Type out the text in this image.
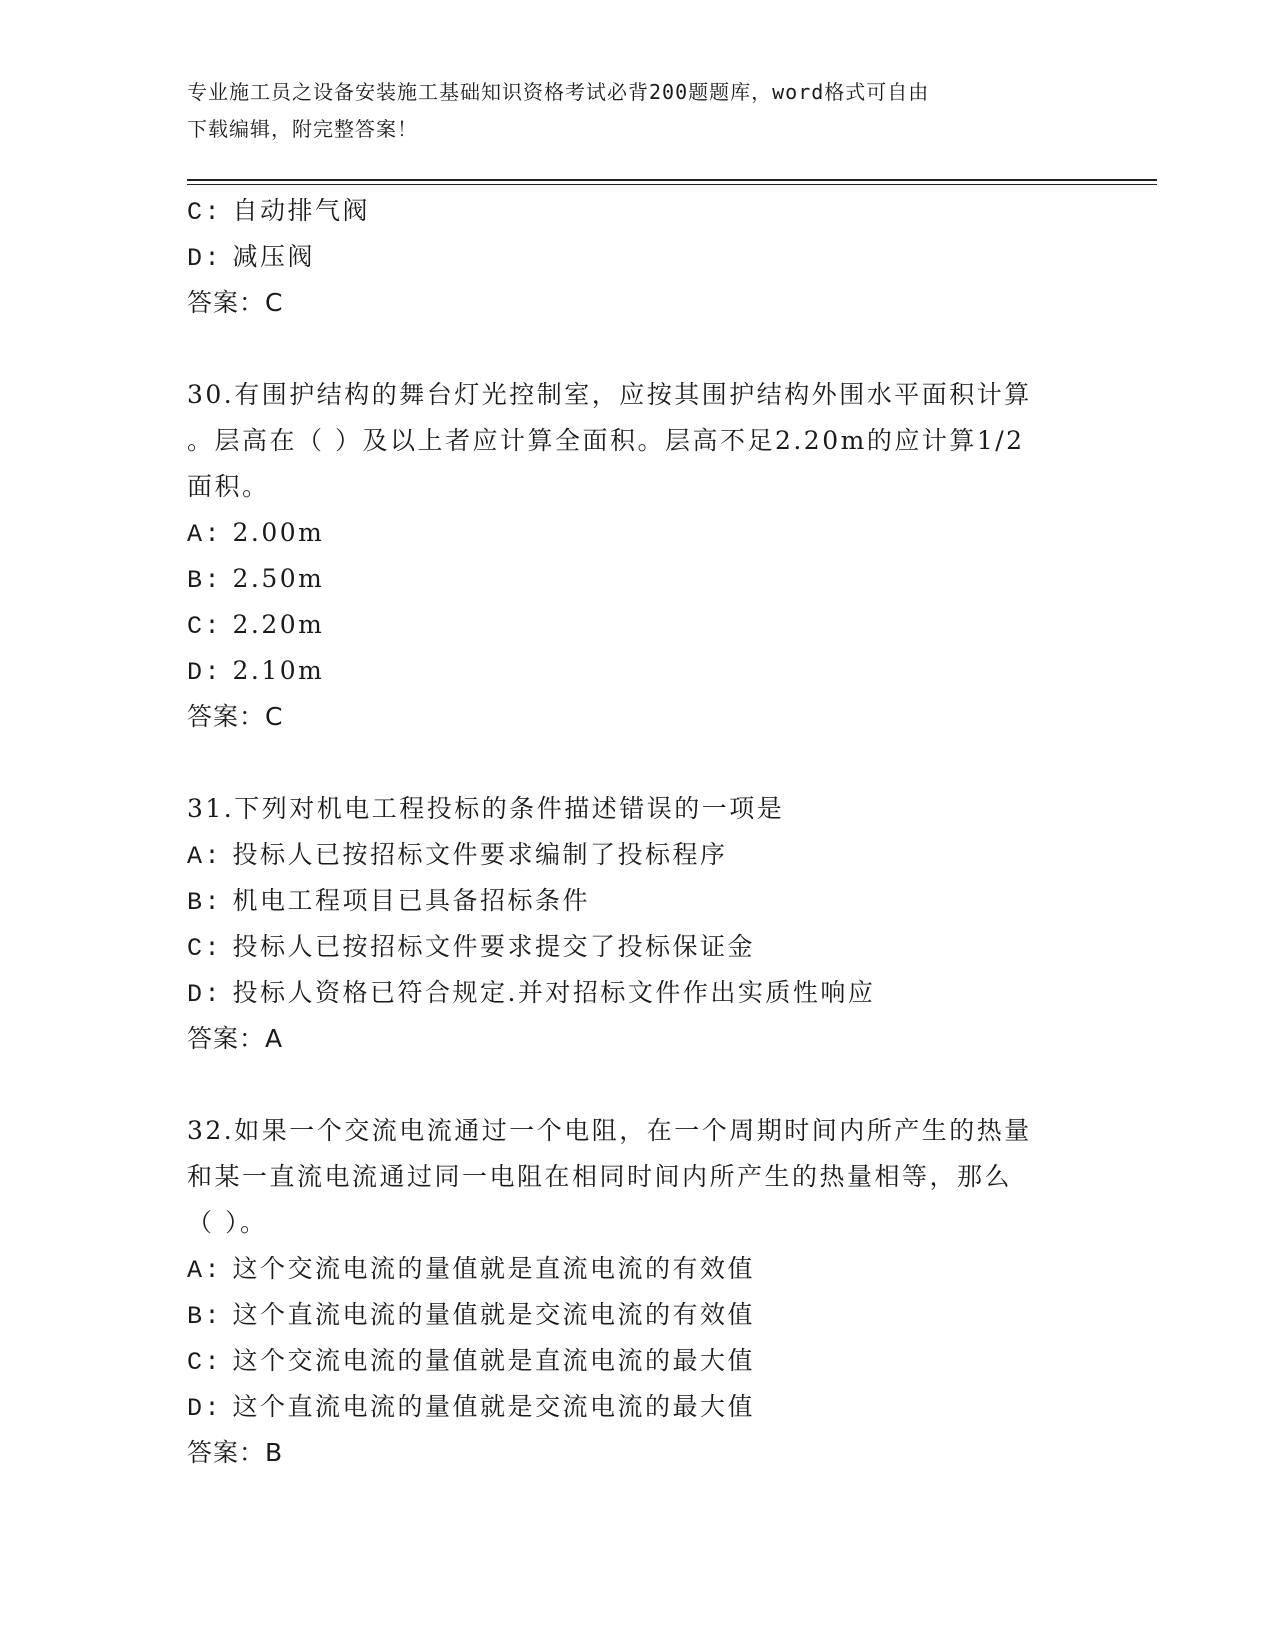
专业施工员之设备安装施工基础知识资格考试必背200题题库，word格式可自由
下载编辑，附完整答案！
C: 自动排气阀
D: 减压阀
答案：C
30.有围护结构的舞台灯光控制室，应按其围护结构外围水平面积计算
。层高在（ ）及以上者应计算全面积。层高不足2.20m的应计算1/2
面积。
A: 2.00m
B: 2.50m
C: 2.20m
D: 2.10m
答案：C
31.下列对机电工程投标的条件描述错误的一项是
A: 投标人已按招标文件要求编制了投标程序
B: 机电工程项目已具备招标条件
C: 投标人已按招标文件要求提交了投标保证金
D: 投标人资格已符合规定.并对招标文件作出实质性响应
答案：A
32.如果一个交流电流通过一个电阻，在一个周期时间内所产生的热量
和某一直流电流通过同一电阻在相同时间内所产生的热量相等，那么
（ ）。
A: 这个交流电流的量值就是直流电流的有效值
B: 这个直流电流的量值就是交流电流的有效值
C: 这个交流电流的量值就是直流电流的最大值
D: 这个直流电流的量值就是交流电流的最大值
答案：B
